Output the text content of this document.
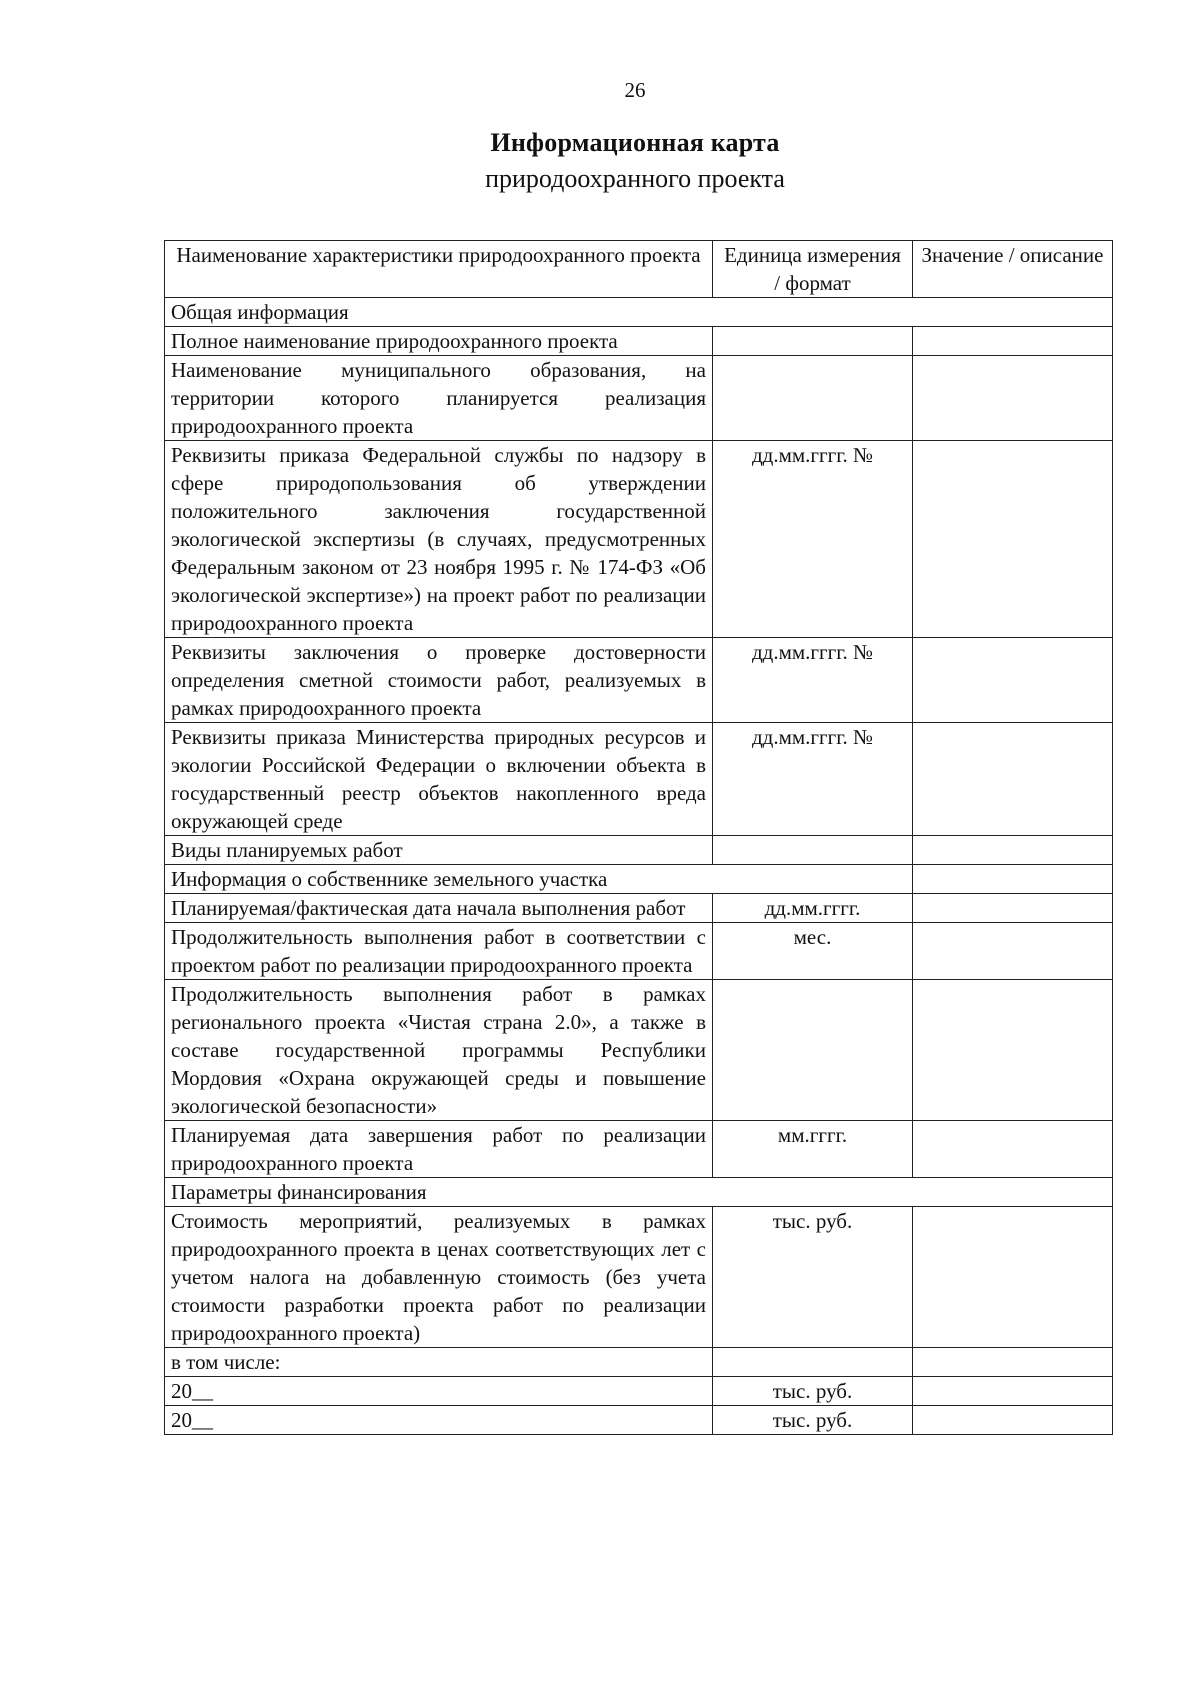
26
Информационная карта
природоохранного проекта
Наименование характеристики природоохранного проекта	Единица измерения / формат	Значение / описание
Общая информация		
Полное наименование природоохранного проекта		
Наименование муниципального образования, на территории которого планируется реализация природоохранного проекта		
Реквизиты приказа Федеральной службы по надзору в сфере природопользования об утверждении положительного заключения государственной экологической экспертизы (в случаях, предусмотренных Федеральным законом от 23 ноября 1995 г. № 174-ФЗ «Об экологической экспертизе») на проект работ по реализации природоохранного проекта	дд.мм.гггг. №	
Реквизиты заключения о проверке достоверности определения сметной стоимости работ, реализуемых в рамках природоохранного проекта	дд.мм.гггг. №	
Реквизиты приказа Министерства природных ресурсов и экологии Российской Федерации о включении объекта в государственный реестр объектов накопленного вреда окружающей среде	дд.мм.гггг. №	
Виды планируемых работ		
Информация о собственнике земельного участка		
Планируемая/фактическая дата начала выполнения работ	дд.мм.гггг.	
Продолжительность выполнения работ в соответствии с проектом работ по реализации природоохранного проекта	мес.	
Продолжительность выполнения работ в рамках регионального проекта «Чистая страна 2.0», а также в составе государственной программы Республики Мордовия «Охрана окружающей среды и повышение экологической безопасности»		
Планируемая дата завершения работ по реализации природоохранного проекта	мм.гггг.	
Параметры финансирования		
Стоимость мероприятий, реализуемых в рамках природоохранного проекта в ценах соответствующих лет с учетом налога на добавленную стоимость (без учета стоимости разработки проекта работ по реализации природоохранного проекта)	тыс. руб.	
в том числе:		
20__	тыс. руб.	
20__	тыс. руб.	
